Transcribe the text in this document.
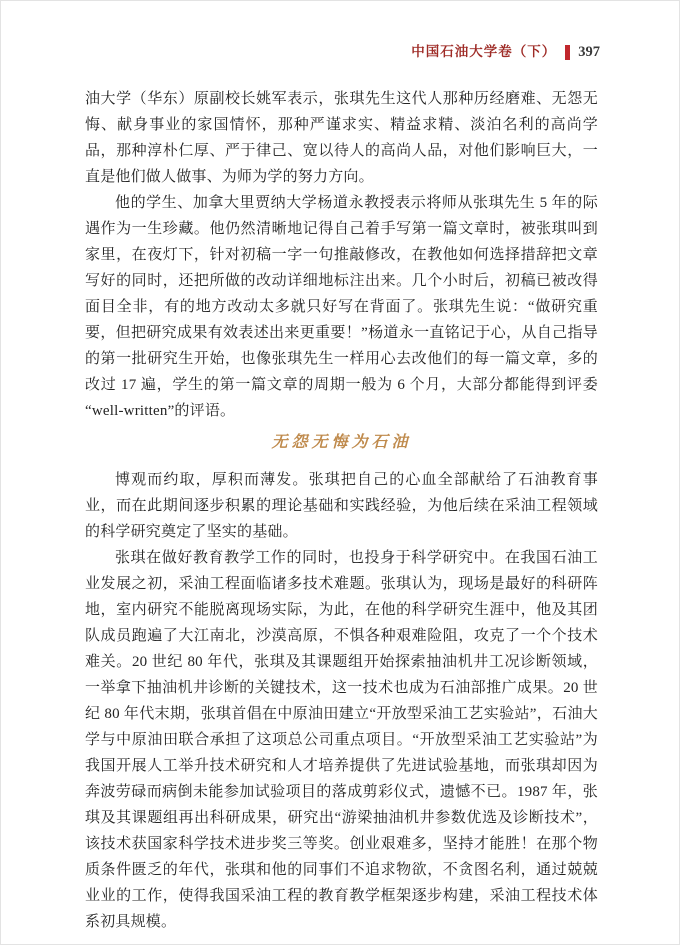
中国石油大学卷（下） 397

油大学（华东）原副校长姚军表示，张琪先生这代人那种历经磨难、无怨无悔、献身事业的家国情怀，那种严谨求实、精益求精、淡泊名利的高尚学品，那种淳朴仁厚、严于律己、宽以待人的高尚人品，对他们影响巨大，一直是他们做人做事、为师为学的努力方向。

他的学生、加拿大里贾纳大学杨道永教授表示将师从张琪先生 5 年的际遇作为一生珍藏。他仍然清晰地记得自己着手写第一篇文章时，被张琪叫到家里，在夜灯下，针对初稿一字一句推敲修改，在教他如何选择措辞把文章写好的同时，还把所做的改动详细地标注出来。几个小时后，初稿已被改得面目全非，有的地方改动太多就只好写在背面了。张琪先生说：“做研究重要，但把研究成果有效表述出来更重要！”杨道永一直铭记于心，从自己指导的第一批研究生开始，也像张琪先生一样用心去改他们的每一篇文章，多的改过 17 遍，学生的第一篇文章的周期一般为 6 个月，大部分都能得到评委“well-written”的评语。

无怨无悔为石油

博观而约取，厚积而薄发。张琪把自己的心血全部献给了石油教育事业，而在此期间逐步积累的理论基础和实践经验，为他后续在采油工程领域的科学研究奠定了坚实的基础。

张琪在做好教育教学工作的同时，也投身于科学研究中。在我国石油工业发展之初，采油工程面临诸多技术难题。张琪认为，现场是最好的科研阵地，室内研究不能脱离现场实际，为此，在他的科学研究生涯中，他及其团队成员跑遍了大江南北，沙漠高原，不惧各种艰难险阻，攻克了一个个技术难关。20 世纪 80 年代，张琪及其课题组开始探索抽油机井工况诊断领域，一举拿下抽油机井诊断的关键技术，这一技术也成为石油部推广成果。20 世纪 80 年代末期，张琪首倡在中原油田建立“开放型采油工艺实验站”，石油大学与中原油田联合承担了这项总公司重点项目。“开放型采油工艺实验站”为我国开展人工举升技术研究和人才培养提供了先进试验基地，而张琪却因为奔波劳碌而病倒未能参加试验项目的落成剪彩仪式，遗憾不已。1987 年，张琪及其课题组再出科研成果，研究出“游梁抽油机井参数优选及诊断技术”，该技术获国家科学技术进步奖三等奖。创业艰难多，坚持才能胜！在那个物质条件匮乏的年代，张琪和他的同事们不追求物欲，不贪图名利，通过兢兢业业的工作，使得我国采油工程的教育教学框架逐步构建，采油工程技术体系初具规模。
